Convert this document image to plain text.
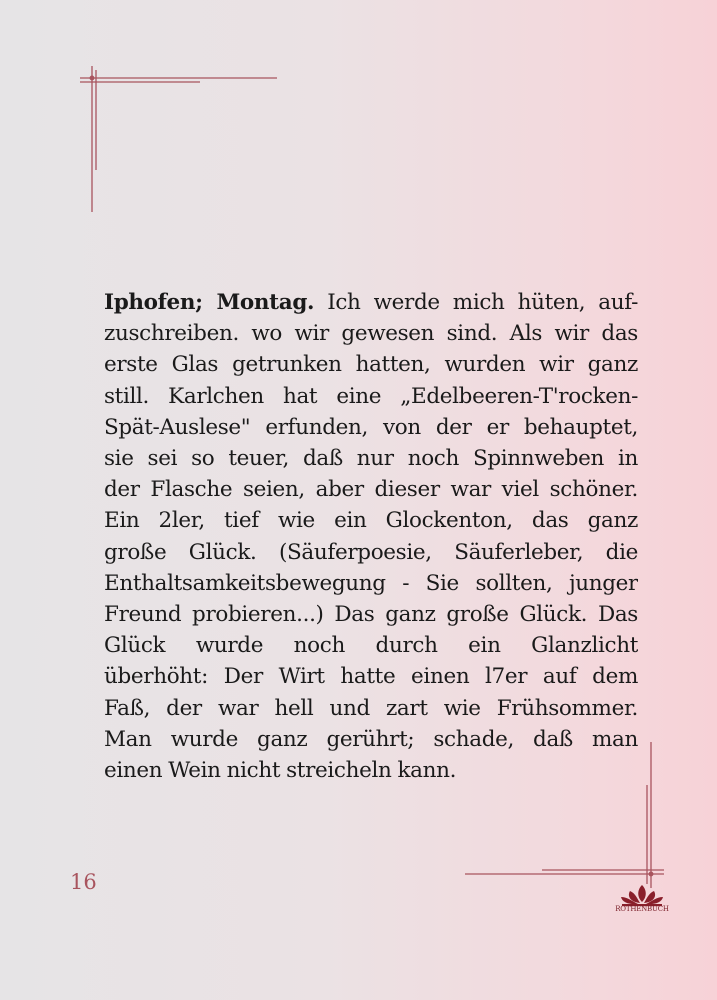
Iphofen; Montag. Ich werde mich hüten, auf-
zuschreiben. wo wir gewesen sind. Als wir das
erste Glas getrunken hatten, wurden wir ganz
still. Karlchen hat eine „Edelbeeren-T'rocken-
Spät-Auslese" erfunden, von der er behauptet,
sie sei so teuer, daß nur noch Spinnweben in
der Flasche seien, aber dieser war viel schöner.
Ein 2ler, tief wie ein Glockenton, das ganz
große Glück. (Säuferpoesie, Säuferleber, die
Enthaltsamkeitsbewegung - Sie sollten, junger
Freund probieren...) Das ganz große Glück. Das
Glück wurde noch durch ein Glanzlicht
überhöht: Der Wirt hatte einen l7er auf dem
Faß, der war hell und zart wie Frühsommer.
Man wurde ganz gerührt; schade, daß man
einen Wein nicht streicheln kann.

16
ROTHENBUCH
